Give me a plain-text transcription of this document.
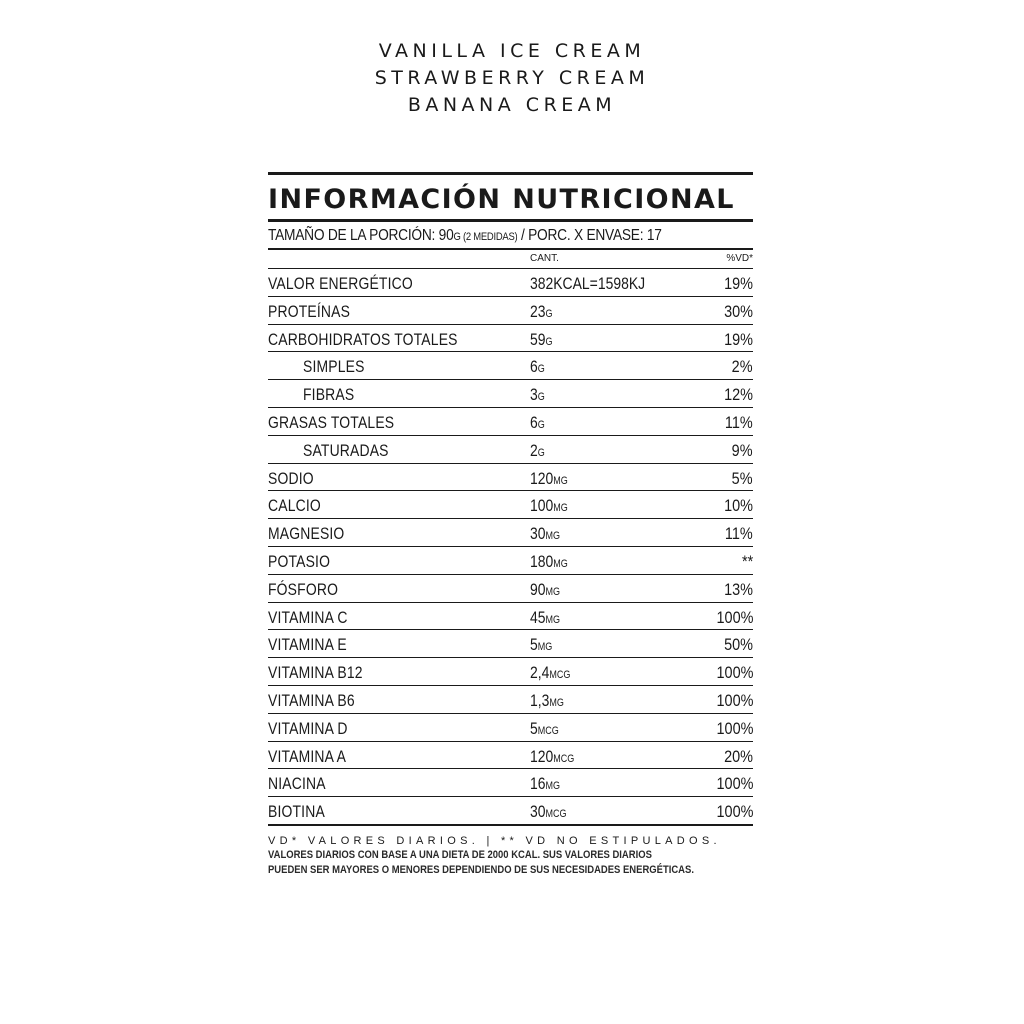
VANILLA ICE CREAM
STRAWBERRY CREAM
BANANA CREAM
INFORMACIÓN NUTRICIONAL
TAMAÑO DE LA PORCIÓN: 90G (2 MEDIDAS) / PORC. X ENVASE: 17
CANT.	%VD*
VALOR ENERGÉTICO	382KCAL=1598KJ	19%
PROTEÍNAS	23G	30%
CARBOHIDRATOS TOTALES	59G	19%
SIMPLES	6G	2%
FIBRAS	3G	12%
GRASAS TOTALES	6G	11%
SATURADAS	2G	9%
SODIO	120MG	5%
CALCIO	100MG	10%
MAGNESIO	30MG	11%
POTASIO	180MG	**
FÓSFORO	90MG	13%
VITAMINA C	45MG	100%
VITAMINA E	5MG	50%
VITAMINA B12	2,4MCG	100%
VITAMINA B6	1,3MG	100%
VITAMINA D	5MCG	100%
VITAMINA A	120MCG	20%
NIACINA	16MG	100%
BIOTINA	30MCG	100%
VD* VALORES DIARIOS. | ** VD NO ESTIPULADOS.
VALORES DIARIOS CON BASE A UNA DIETA DE 2000 KCAL. SUS VALORES DIARIOS
PUEDEN SER MAYORES O MENORES DEPENDIENDO DE SUS NECESIDADES ENERGÉTICAS.
